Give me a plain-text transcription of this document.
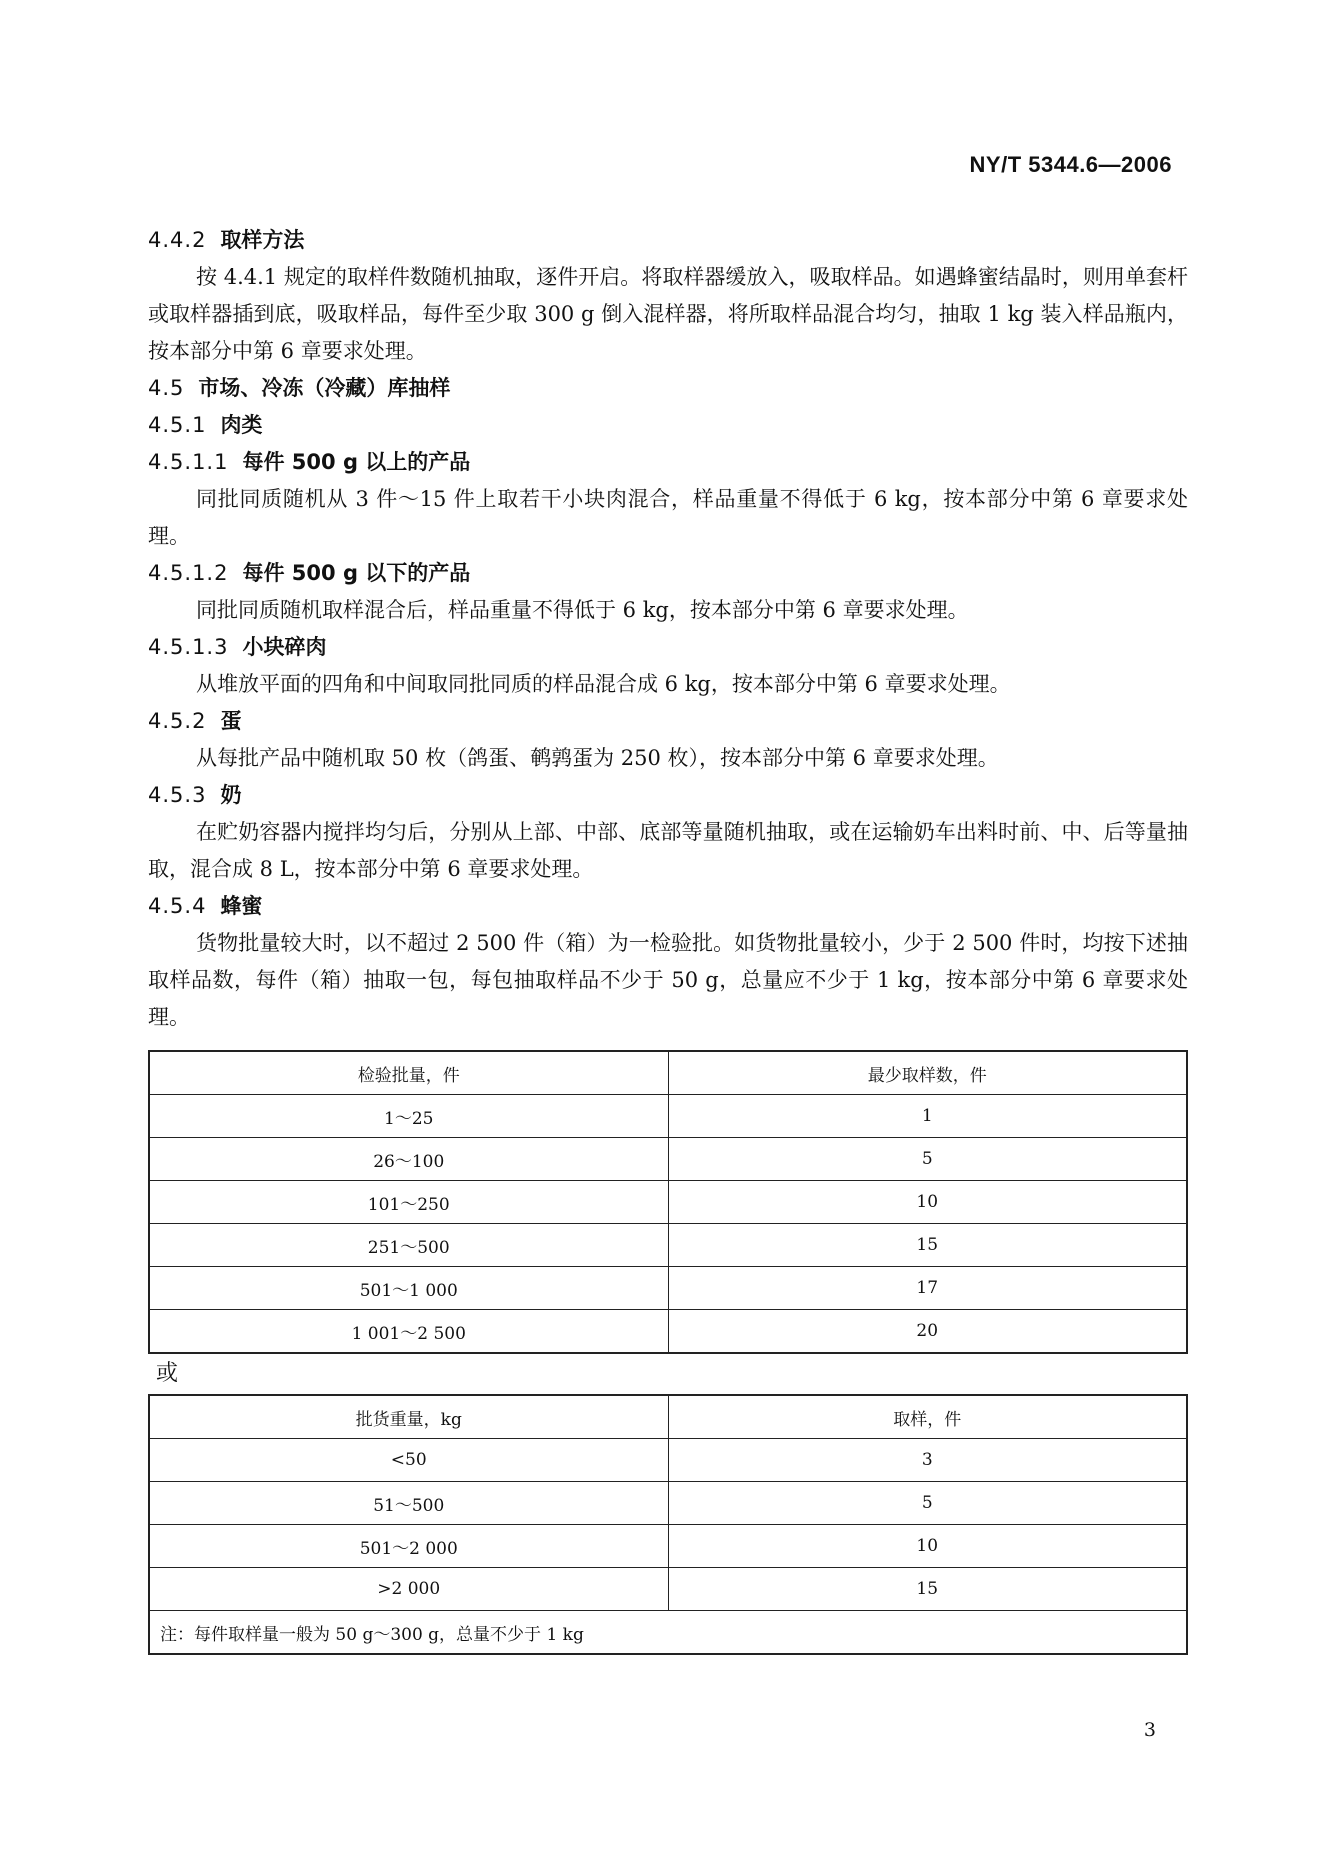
NY/T 5344.6—2006
4.4.2 取样方法

按 4.4.1 规定的取样件数随机抽取，逐件开启。将取样器缓放入，吸取样品。如遇蜂蜜结晶时，则用单套杆或取样器插到底，吸取样品，每件至少取 300 g 倒入混样器，将所取样品混合均匀，抽取 1 kg 装入样品瓶内，按本部分中第 6 章要求处理。

4.5 市场、冷冻（冷藏）库抽样
4.5.1 肉类
4.5.1.1 每件 500 g 以上的产品

同批同质随机从 3 件～15 件上取若干小块肉混合，样品重量不得低于 6 kg，按本部分中第 6 章要求处理。

4.5.1.2 每件 500 g 以下的产品

同批同质随机取样混合后，样品重量不得低于 6 kg，按本部分中第 6 章要求处理。

4.5.1.3 小块碎肉

从堆放平面的四角和中间取同批同质的样品混合成 6 kg，按本部分中第 6 章要求处理。

4.5.2 蛋

从每批产品中随机取 50 枚（鸽蛋、鹌鹑蛋为 250 枚），按本部分中第 6 章要求处理。

4.5.3 奶

在贮奶容器内搅拌均匀后，分别从上部、中部、底部等量随机抽取，或在运输奶车出料时前、中、后等量抽取，混合成 8 L，按本部分中第 6 章要求处理。

4.5.4 蜂蜜

货物批量较大时，以不超过 2 500 件（箱）为一检验批。如货物批量较小，少于 2 500 件时，均按下述抽取样品数，每件（箱）抽取一包，每包抽取样品不少于 50 g，总量应不少于 1 kg，按本部分中第 6 章要求处理。

检验批量，件	最少取样数，件
1～25	1
26～100	5
101～250	10
251～500	15
501～1 000	17
1 001～2 500	20

或

批货重量，kg	取样，件
<50	3
51～500	5
501～2 000	10
>2 000	15
注：每件取样量一般为 50 g～300 g，总量不少于 1 kg	
3
